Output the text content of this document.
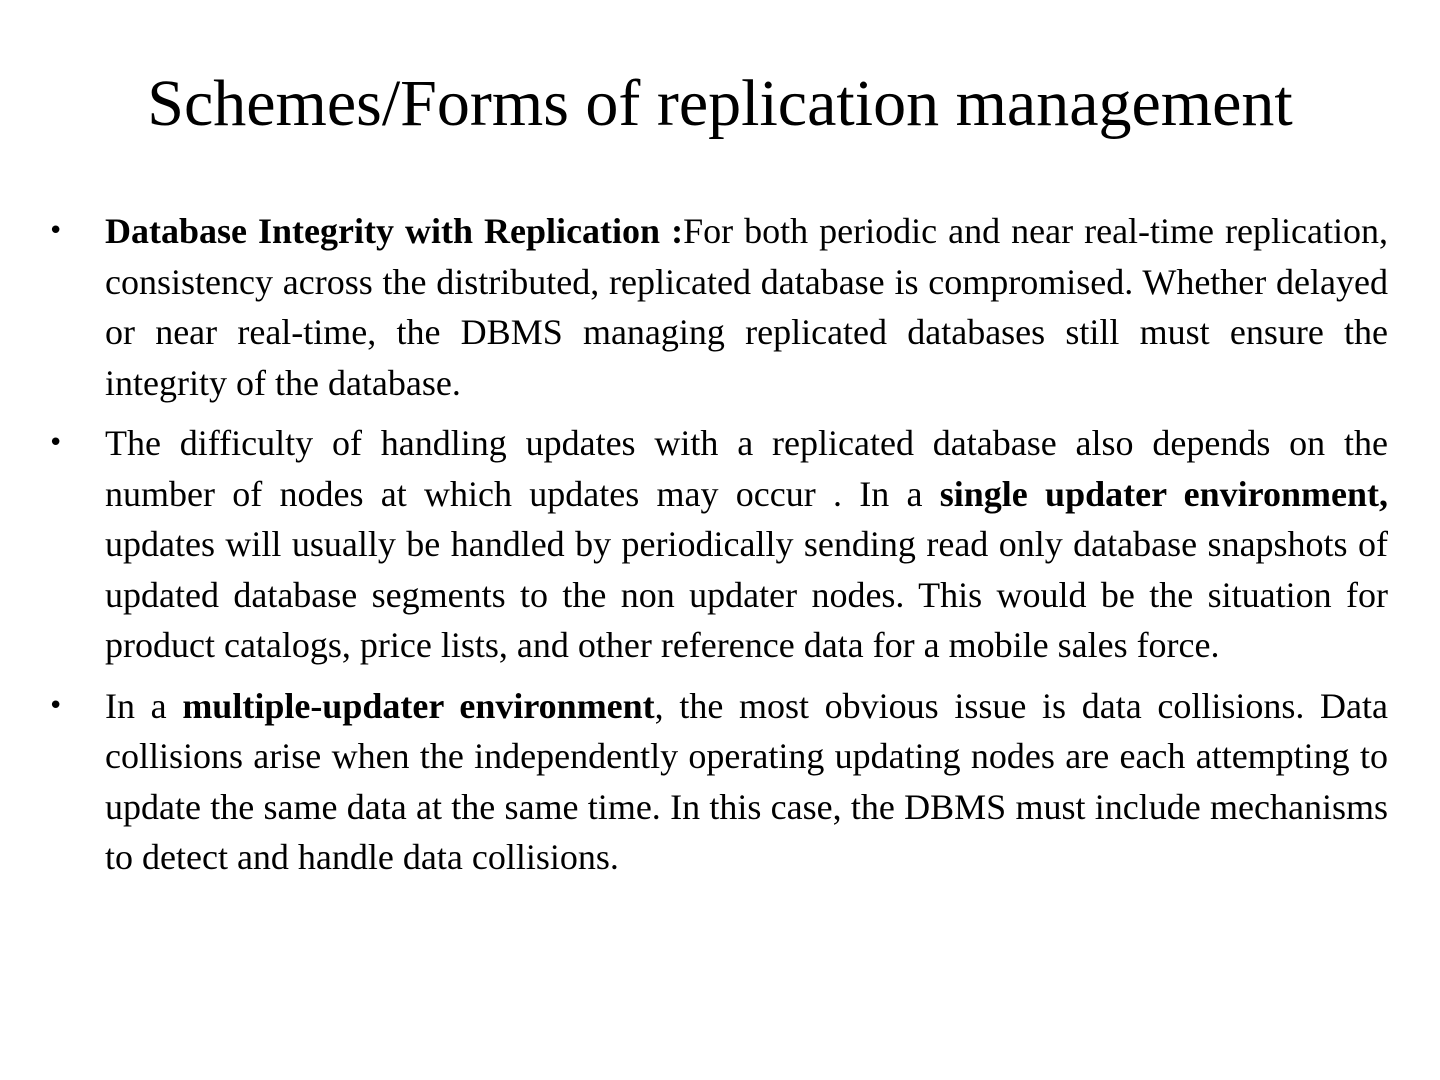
Schemes/Forms of replication management
• Database Integrity with Replication :For both periodic and near real-time replication, consistency across the distributed, replicated database is compromised. Whether delayed or near real-time, the DBMS managing replicated databases still must ensure the integrity of the database.
• The difficulty of handling updates with a replicated database also depends on the number of nodes at which updates may occur . In a single updater environment, updates will usually be handled by periodically sending read only database snapshots of updated database segments to the non updater nodes. This would be the situation for product catalogs, price lists, and other reference data for a mobile sales force.
• In a multiple-updater environment, the most obvious issue is data collisions. Data collisions arise when the independently operating updating nodes are each attempting to update the same data at the same time. In this case, the DBMS must include mechanisms to detect and handle data collisions.
